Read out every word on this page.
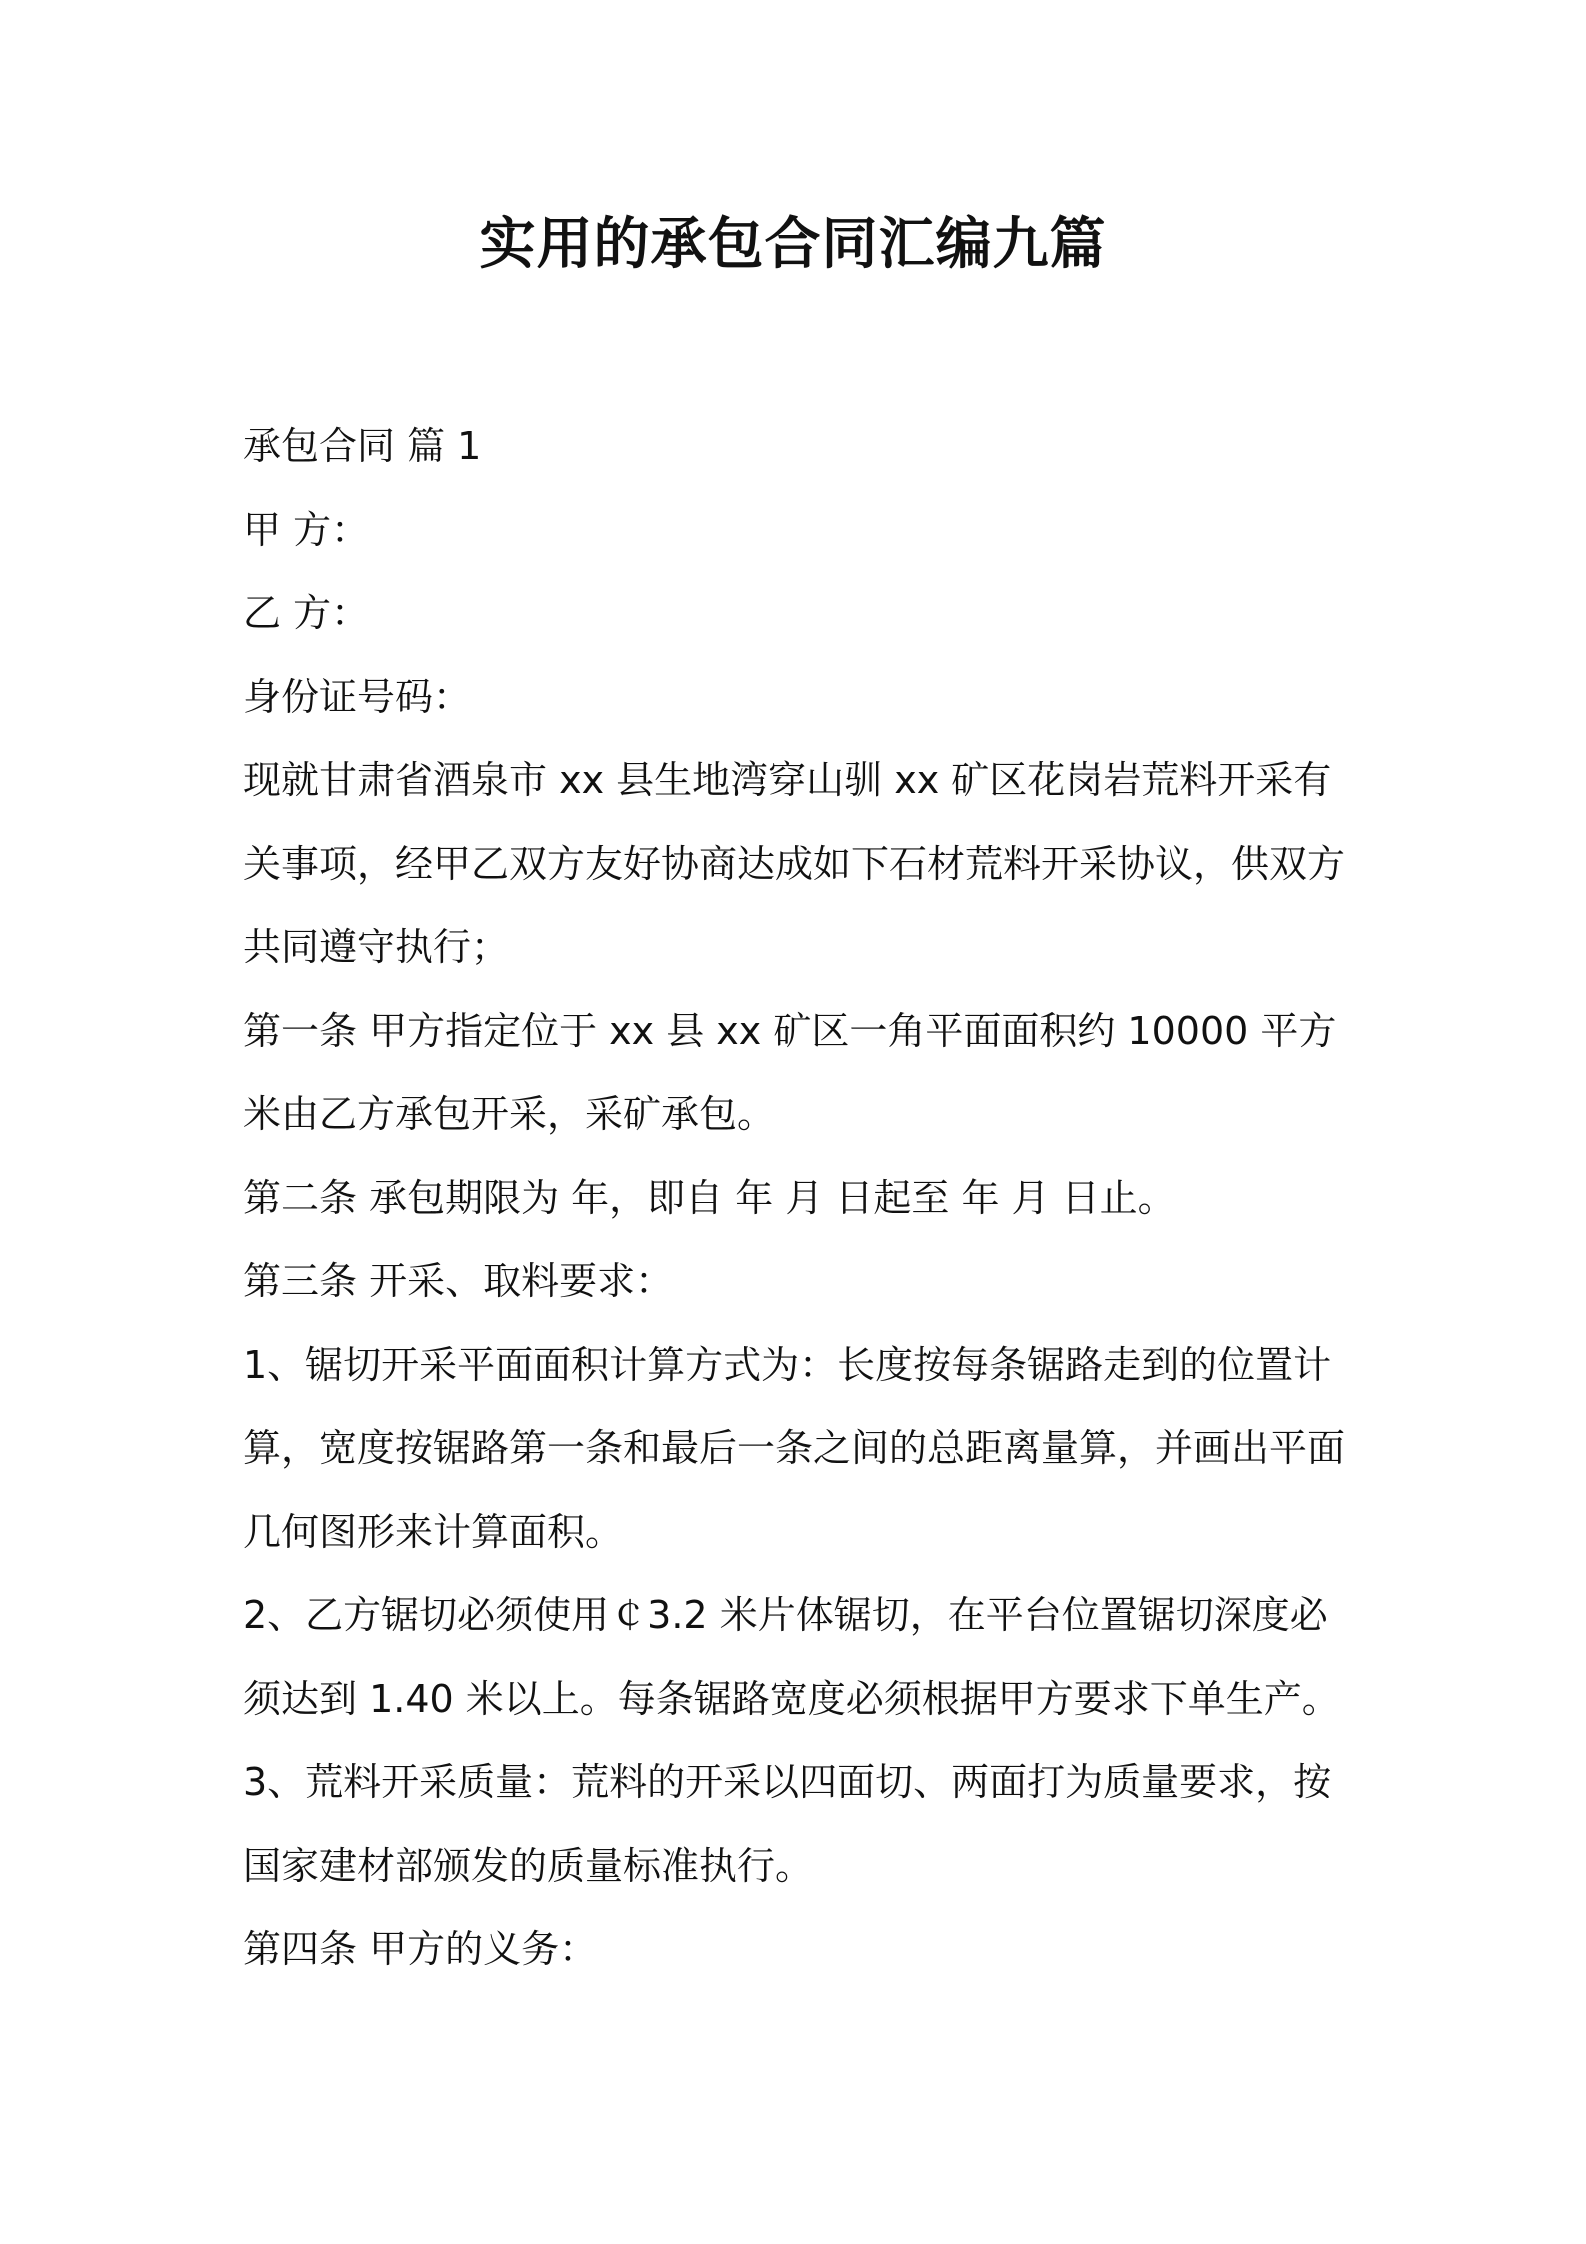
实用的承包合同汇编九篇

承包合同 篇 1

甲 方：

乙 方：

身份证号码：

现就甘肃省酒泉市 xx 县生地湾穿山驯 xx 矿区花岗岩荒料开采有关事项，经甲乙双方友好协商达成如下石材荒料开采协议，供双方共同遵守执行；

第一条 甲方指定位于 xx 县 xx 矿区一角平面面积约 10000 平方米由乙方承包开采，采矿承包。

第二条 承包期限为 年，即自 年 月 日起至 年 月 日止。

第三条 开采、取料要求：

1、锯切开采平面面积计算方式为：长度按每条锯路走到的位置计算，宽度按锯路第一条和最后一条之间的总距离量算，并画出平面几何图形来计算面积。

2、乙方锯切必须使用￠3.2 米片体锯切，在平台位置锯切深度必须达到 1.40 米以上。每条锯路宽度必须根据甲方要求下单生产。

3、荒料开采质量：荒料的开采以四面切、两面打为质量要求，按国家建材部颁发的质量标准执行。

第四条 甲方的义务：
